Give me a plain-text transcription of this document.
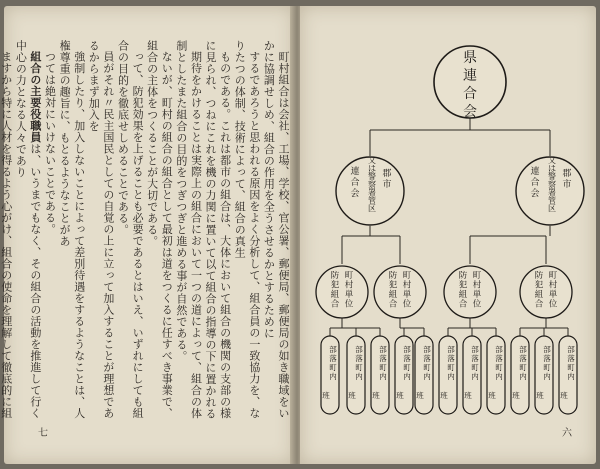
町村組合は会社、工場、学校、官公署、郵便局、郵便局の如き職域をいかに協調せしめ、組合の作用を全うさせるかとするために

するであろうと思われる原因をよく分析して、組合員の一致協力を、なりたつの体制、技術によって、組合の真生

ものである。これは都市の組合は、大体において組合の機関の支部の様に見られ、つねにこれを機の力関に置いて以て組合の指導の下に置かれる

期待をかけることは実際上の組合において一つの道によって、組合の体制としたまた組合の目的をつぎつぎと進める事が自然である。

ないが、町村の組合の組合として最初は道をつくるに任すべき事業で、組合の主体をつくることが大切である。

って、防犯効果を上げることも必要であるとはいえ、いずれにしても組合の目的を徹底せしめることである。

員がそれ〃民主国民としての自覚の上に立って加入することが理想であるからまず加入を

強制したり、加入しないことによって差別待遇をするようなことは、人権尊重の趣旨に、もとるようなことがあ

つては絶対にいけないことである。

組合の主要役職員は、いうまでもなく、その組合の活動を推進して行く中心の力となる人々であり

ますから特に人材を得るよう心がけ、組合の使命を理解して徹底的に組

七
県連合会
郡市
又は警察署管区
連合会
郡市
又は警察署管区
連合会
町村単位
防犯組合
町村単位
防犯組合
町村単位
防犯組合
町村単位
防犯組合
部落町内
班
部落町内
班
部落町内
班
部落町内
班
部落町内
班
部落町内
班
部落町内
班
部落町内
班
部落町内
班
部落町内
班
部落町内
班
六
